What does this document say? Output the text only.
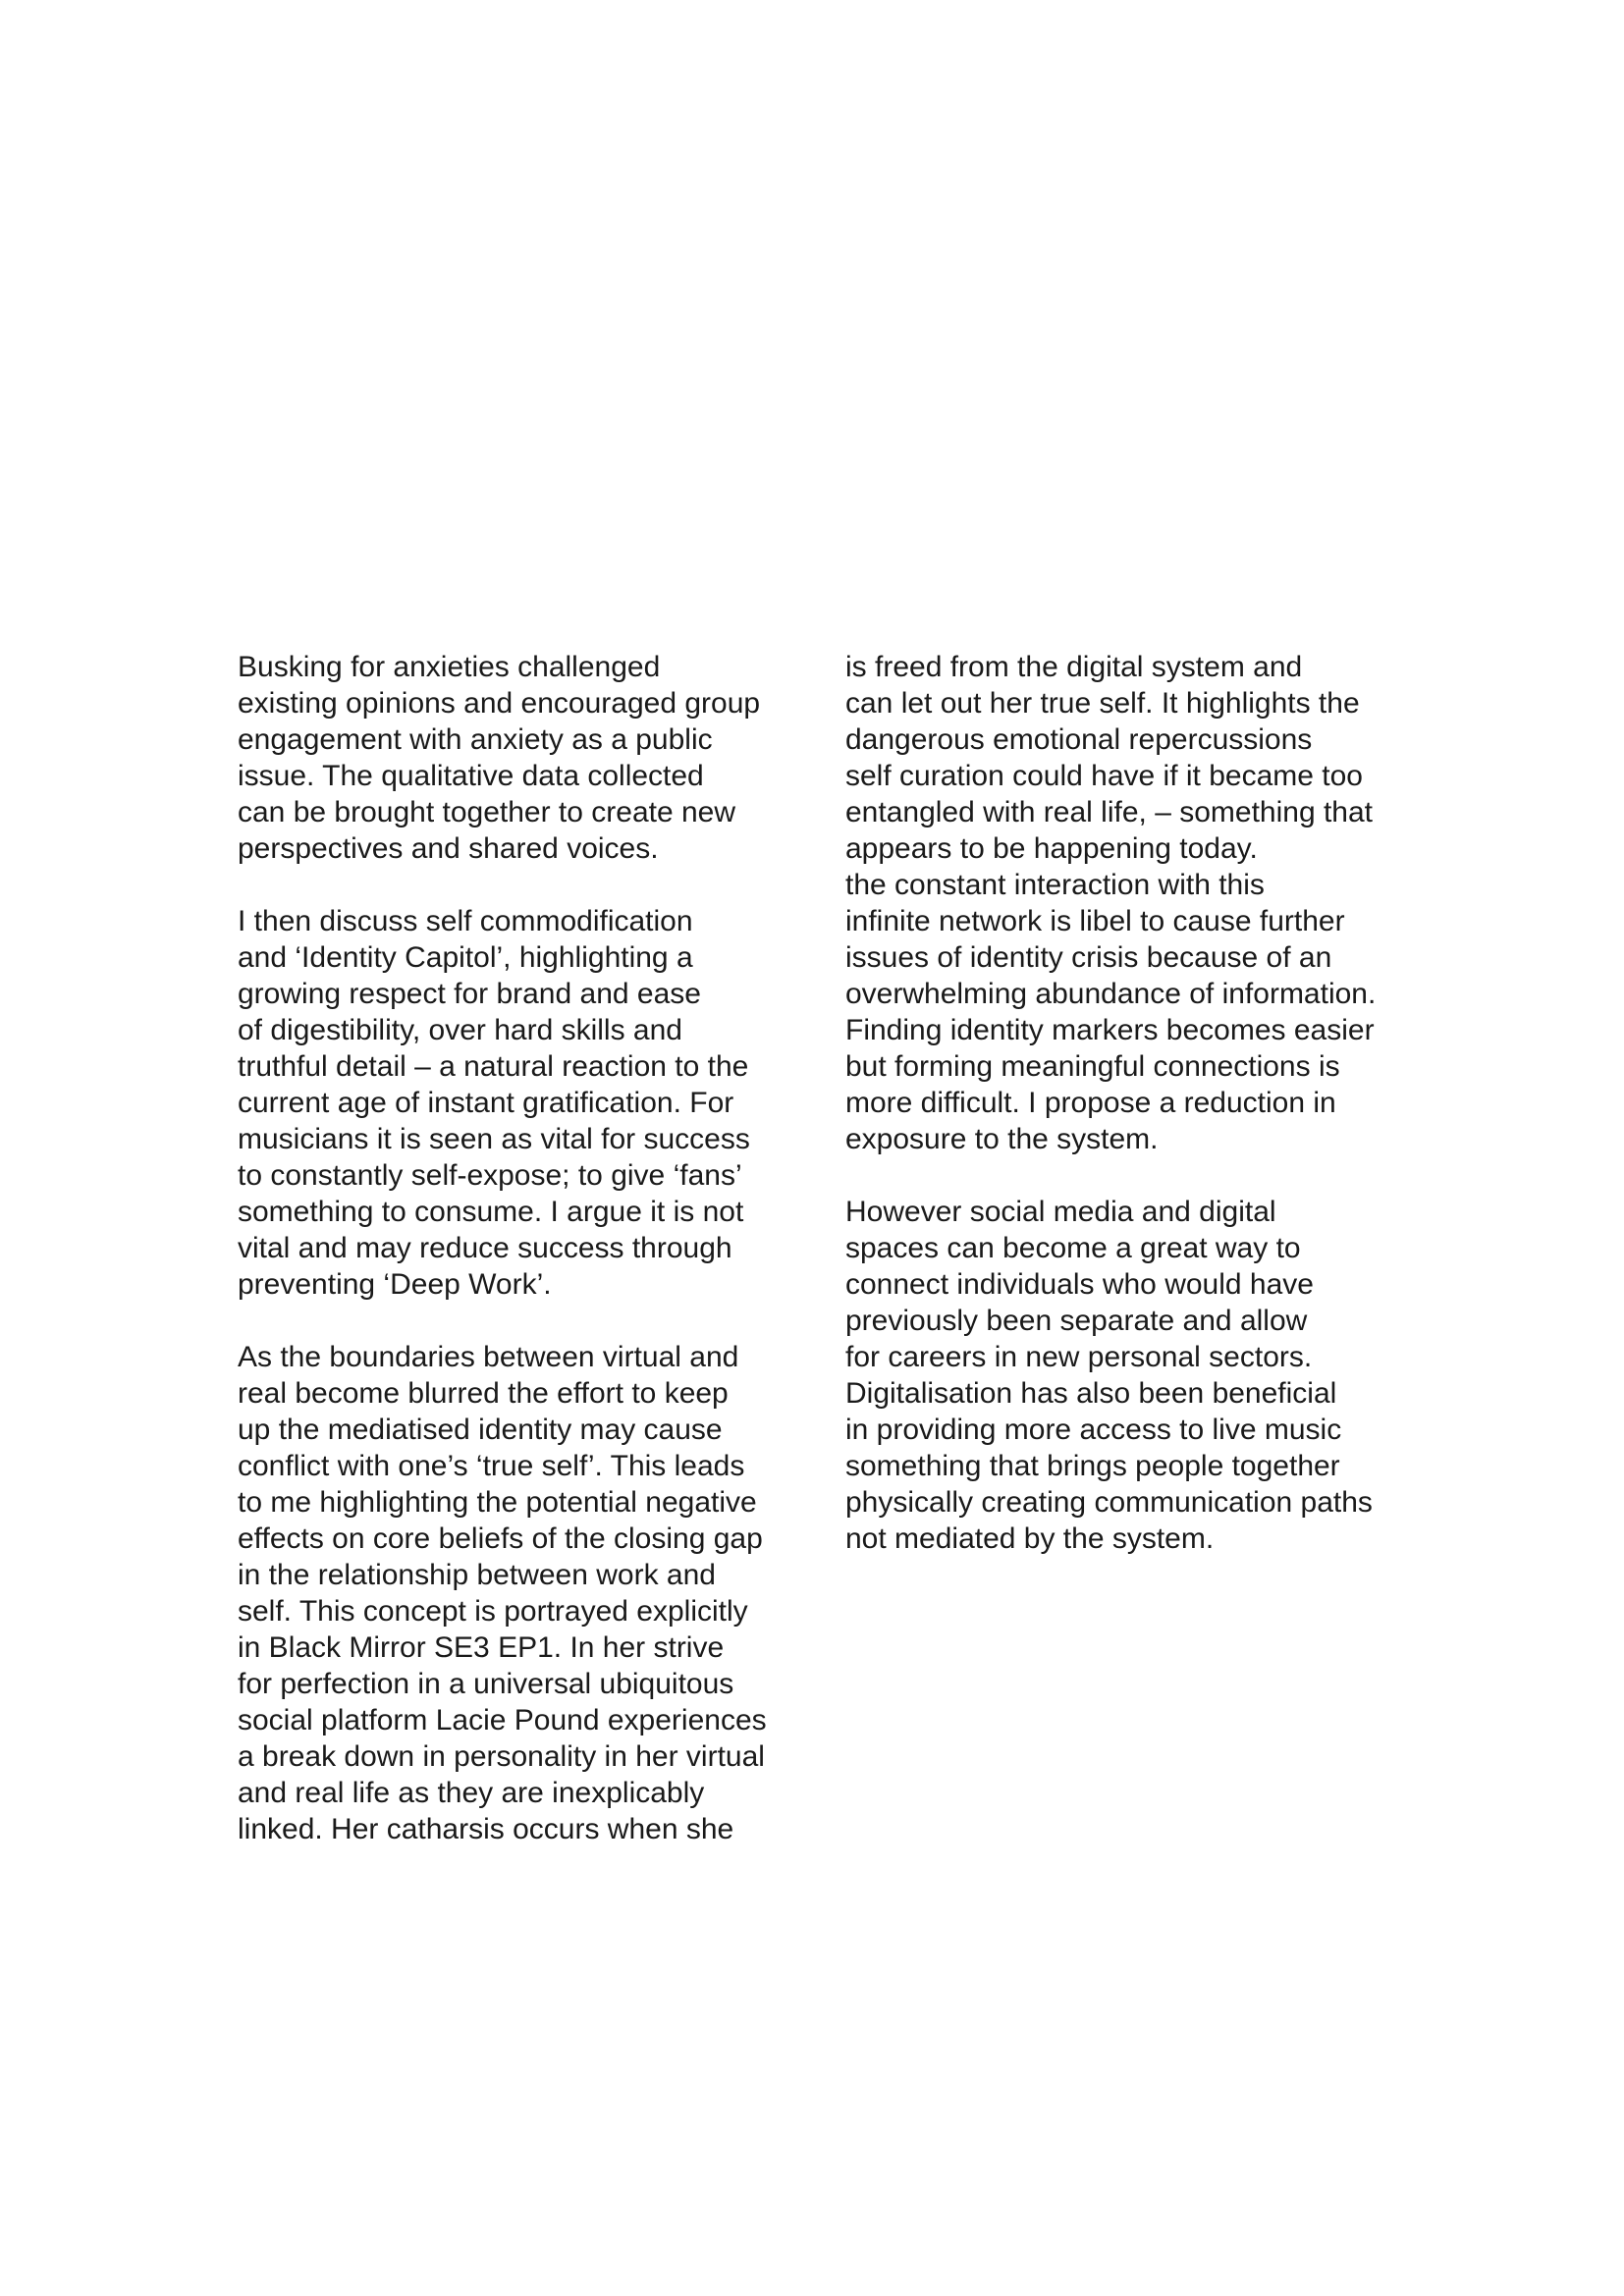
Busking for anxieties challenged
existing opinions and encouraged group
engagement with anxiety as a public
issue. The qualitative data collected
can be brought together to create new
perspectives and shared voices.
I then discuss self commodification
and ‘Identity Capitol’, highlighting a
growing respect for brand and ease
of digestibility, over hard skills and
truthful detail – a natural reaction to the
current age of instant gratification. For
musicians it is seen as vital for success
to constantly self-expose; to give ‘fans’
something to consume. I argue it is not
vital and may reduce success through
preventing ‘Deep Work’.
As the boundaries between virtual and
real become blurred the effort to keep
up the mediatised identity may cause
conflict with one’s ‘true self’. This leads
to me highlighting the potential negative
effects on core beliefs of the closing gap
in the relationship between work and
self. This concept is portrayed explicitly
in Black Mirror SE3 EP1. In her strive
for perfection in a universal ubiquitous
social platform Lacie Pound experiences
a break down in personality in her virtual
and real life as they are inexplicably
linked. Her catharsis occurs when she
is freed from the digital system and
can let out her true self. It highlights the
dangerous emotional repercussions
self curation could have if it became too
entangled with real life, – something that
appears to be happening today.
the constant interaction with this
infinite network is libel to cause further
issues of identity crisis because of an
overwhelming abundance of information.
Finding identity markers becomes easier
but forming meaningful connections is
more difficult. I propose a reduction in
exposure to the system.
However social media and digital
spaces can become a great way to
connect individuals who would have
previously been separate and allow
for careers in new personal sectors.
Digitalisation has also been beneficial
in providing more access to live music
something that brings people together
physically creating communication paths
not mediated by the system.
